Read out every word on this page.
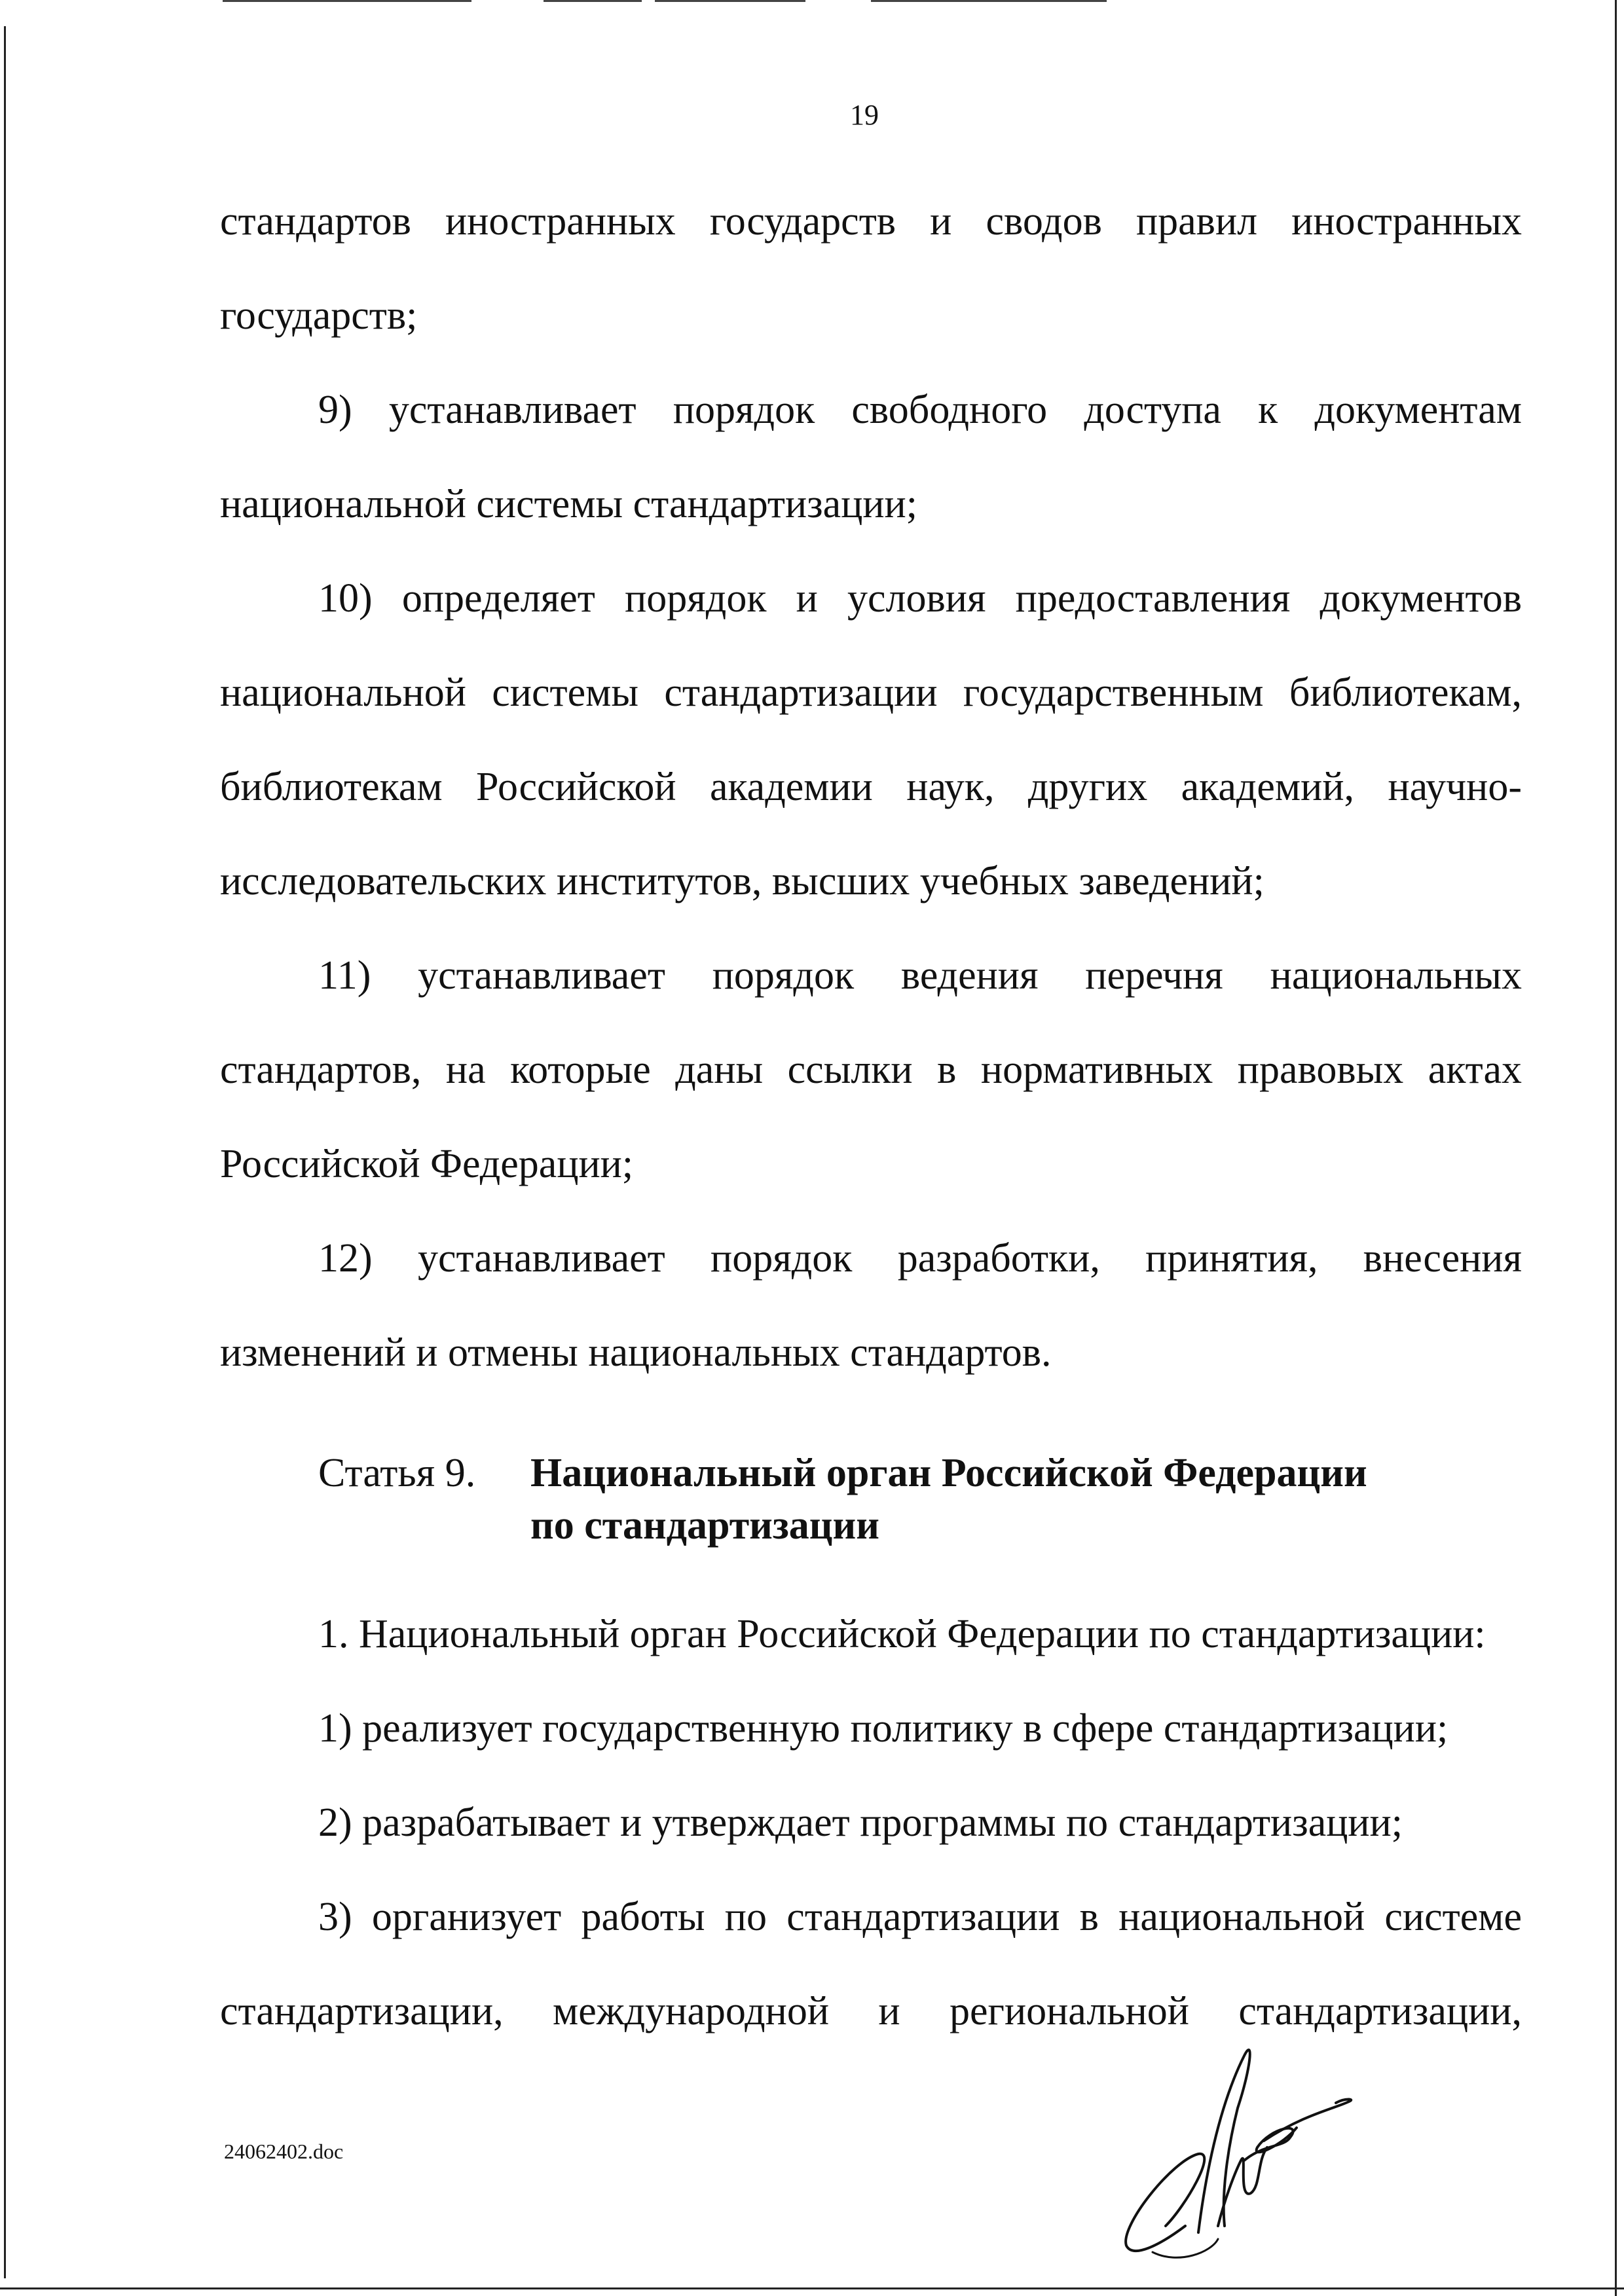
19
стандартов иностранных государств и сводов правил иностранных
государств;
9) устанавливает порядок свободного доступа к документам
национальной системы стандартизации;
10) определяет порядок и условия предоставления документов
национальной системы стандартизации государственным библиотекам,
библиотекам Российской академии наук, других академий, научно-
исследовательских институтов, высших учебных заведений;
11) устанавливает порядок ведения перечня национальных
стандартов, на которые даны ссылки в нормативных правовых актах
Российской Федерации;
12) устанавливает порядок разработки, принятия, внесения
изменений и отмены национальных стандартов.
Статья 9. Национальный орган Российской Федерации
по стандартизации
1. Национальный орган Российской Федерации по стандартизации:
1) реализует государственную политику в сфере стандартизации;
2) разрабатывает и утверждает программы по стандартизации;
3) организует работы по стандартизации в национальной системе
стандартизации, международной и региональной стандартизации,
24062402.doc
